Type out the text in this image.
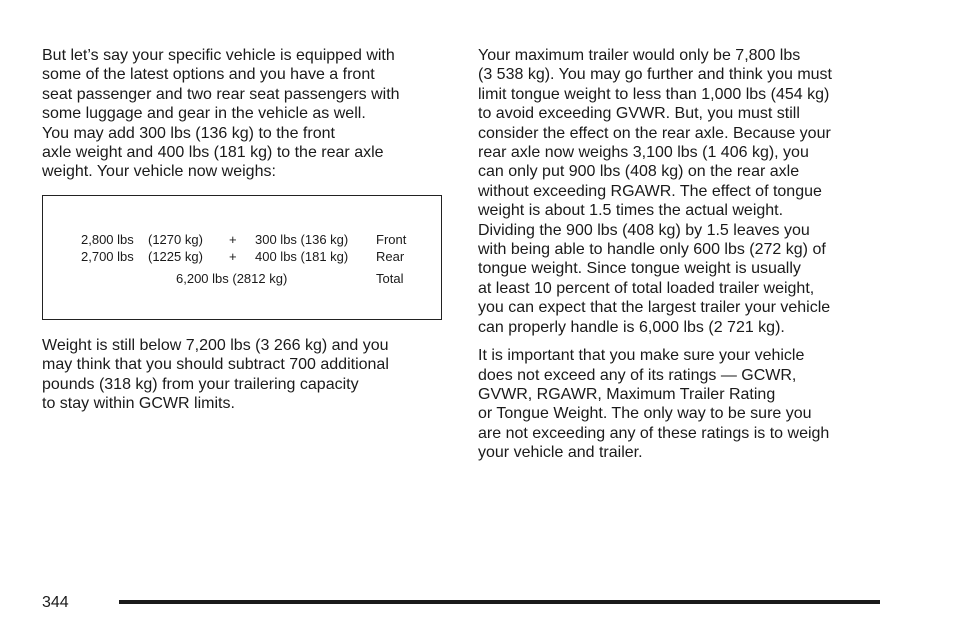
But let’s say your specific vehicle is equipped with
some of the latest options and you have a front
seat passenger and two rear seat passengers with
some luggage and gear in the vehicle as well.
You may add 300 lbs (136 kg) to the front
axle weight and 400 lbs (181 kg) to the rear axle
weight. Your vehicle now weighs:

2,800 lbs (1270 kg) + 300 lbs (136 kg) Front
2,700 lbs (1225 kg) + 400 lbs (181 kg) Rear
6,200 lbs (2812 kg)	Total

Weight is still below 7,200 lbs (3 266 kg) and you
may think that you should subtract 700 additional
pounds (318 kg) from your trailering capacity
to stay within GCWR limits.

Your maximum trailer would only be 7,800 lbs
(3 538 kg). You may go further and think you must
limit tongue weight to less than 1,000 lbs (454 kg)
to avoid exceeding GVWR. But, you must still
consider the effect on the rear axle. Because your
rear axle now weighs 3,100 lbs (1 406 kg), you
can only put 900 lbs (408 kg) on the rear axle
without exceeding RGAWR. The effect of tongue
weight is about 1.5 times the actual weight.
Dividing the 900 lbs (408 kg) by 1.5 leaves you
with being able to handle only 600 lbs (272 kg) of
tongue weight. Since tongue weight is usually
at least 10 percent of total loaded trailer weight,
you can expect that the largest trailer your vehicle
can properly handle is 6,000 lbs (2 721 kg).

It is important that you make sure your vehicle
does not exceed any of its ratings — GCWR,
GVWR, RGAWR, Maximum Trailer Rating
or Tongue Weight. The only way to be sure you
are not exceeding any of these ratings is to weigh
your vehicle and trailer.

344
